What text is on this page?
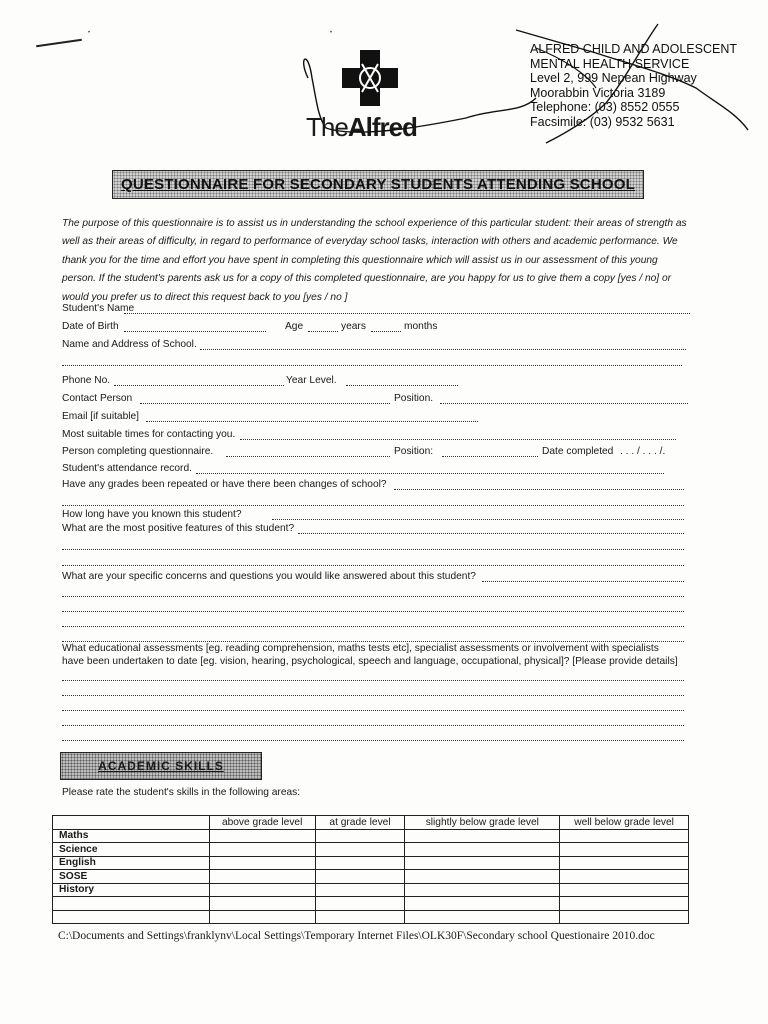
•	•
TheAlfred
ALFRED CHILD AND ADOLESCENT
MENTAL HEALTH SERVICE
Level 2, 999 Nepean Highway
Moorabbin Victoria 3189
Telephone: (03) 8552 0555
Facsimile: (03) 9532 5631
QUESTIONNAIRE FOR SECONDARY STUDENTS ATTENDING SCHOOL
The purpose of this questionnaire is to assist us in understanding the school experience of this particular student: their areas of strength as well as their areas of difficulty, in regard to performance of everyday school tasks, interaction with others and academic performance. We thank you for the time and effort you have spent in completing this questionnaire which will assist us in our assessment of this young person. If the student's parents ask us for a copy of this completed questionnaire, are you happy for us to give them a copy [yes / no] or would you prefer us to direct this request back to you [yes / no ]
Student's Name
Date of Birth	Age	years	months
Name and Address of School.
Phone No.	Year Level.
Contact Person	Position.
Email [if suitable]
Most suitable times for contacting you.
Person completing questionnaire.	Position:	Date completed . . . / . . . /.
Student's attendance record.
Have any grades been repeated or have there been changes of school?
How long have you known this student?
What are the most positive features of this student?
What are your specific concerns and questions you would like answered about this student?
What educational assessments [eg. reading comprehension, maths tests etc], specialist assessments or involvement with specialists
have been undertaken to date [eg. vision, hearing, psychological, speech and language, occupational, physical]? [Please provide details]
ACADEMIC SKILLS
Please rate the student's skills in the following areas:
	above grade level	at grade level	slightly below grade level	well below grade level
Maths				
Science				
English				
SOSE				
History				

C:\Documents and Settings\franklynv\Local Settings\Temporary Internet Files\OLK30F\Secondary school Questionaire 2010.doc
